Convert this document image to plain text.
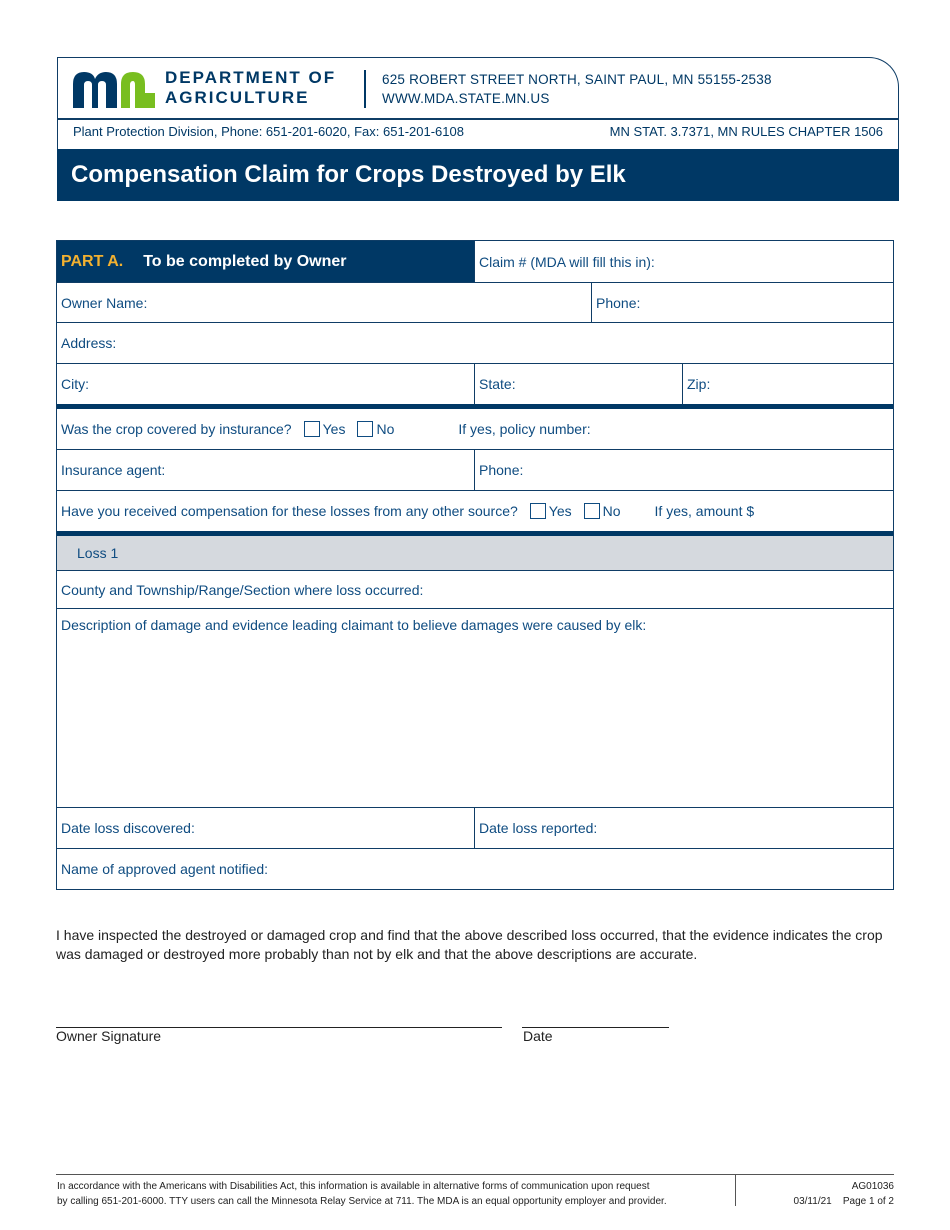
DEPARTMENT OF
AGRICULTURE
625 ROBERT STREET NORTH, SAINT PAUL, MN 55155-2538
WWW.MDA.STATE.MN.US
Plant Protection Division, Phone: 651-201-6020, Fax: 651-201-6108	MN STAT. 3.7371, MN RULES CHAPTER 1506
Compensation Claim for Crops Destroyed by Elk
PART A. To be completed by Owner	Claim # (MDA will fill this in):
Owner Name:	Phone:
Address:
City:	State:	Zip:
Was the crop covered by insturance? Yes No	If yes, policy number:
Insurance agent:	Phone:
Have you received compensation for these losses from any other source? Yes No If yes, amount $
Loss 1
County and Township/Range/Section where loss occurred:
Description of damage and evidence leading claimant to believe damages were caused by elk:
Date loss discovered:	Date loss reported:
Name of approved agent notified:
I have inspected the destroyed or damaged crop and find that the above described loss occurred, that the evidence indicates the crop was damaged or destroyed more probably than not by elk and that the above descriptions are accurate.
Owner Signature	Date
In accordance with the Americans with Disabilities Act, this information is available in alternative forms of communication upon request
by calling 651-201-6000. TTY users can call the Minnesota Relay Service at 711. The MDA is an equal opportunity employer and provider.
AG01036
03/11/21 Page 1 of 2
